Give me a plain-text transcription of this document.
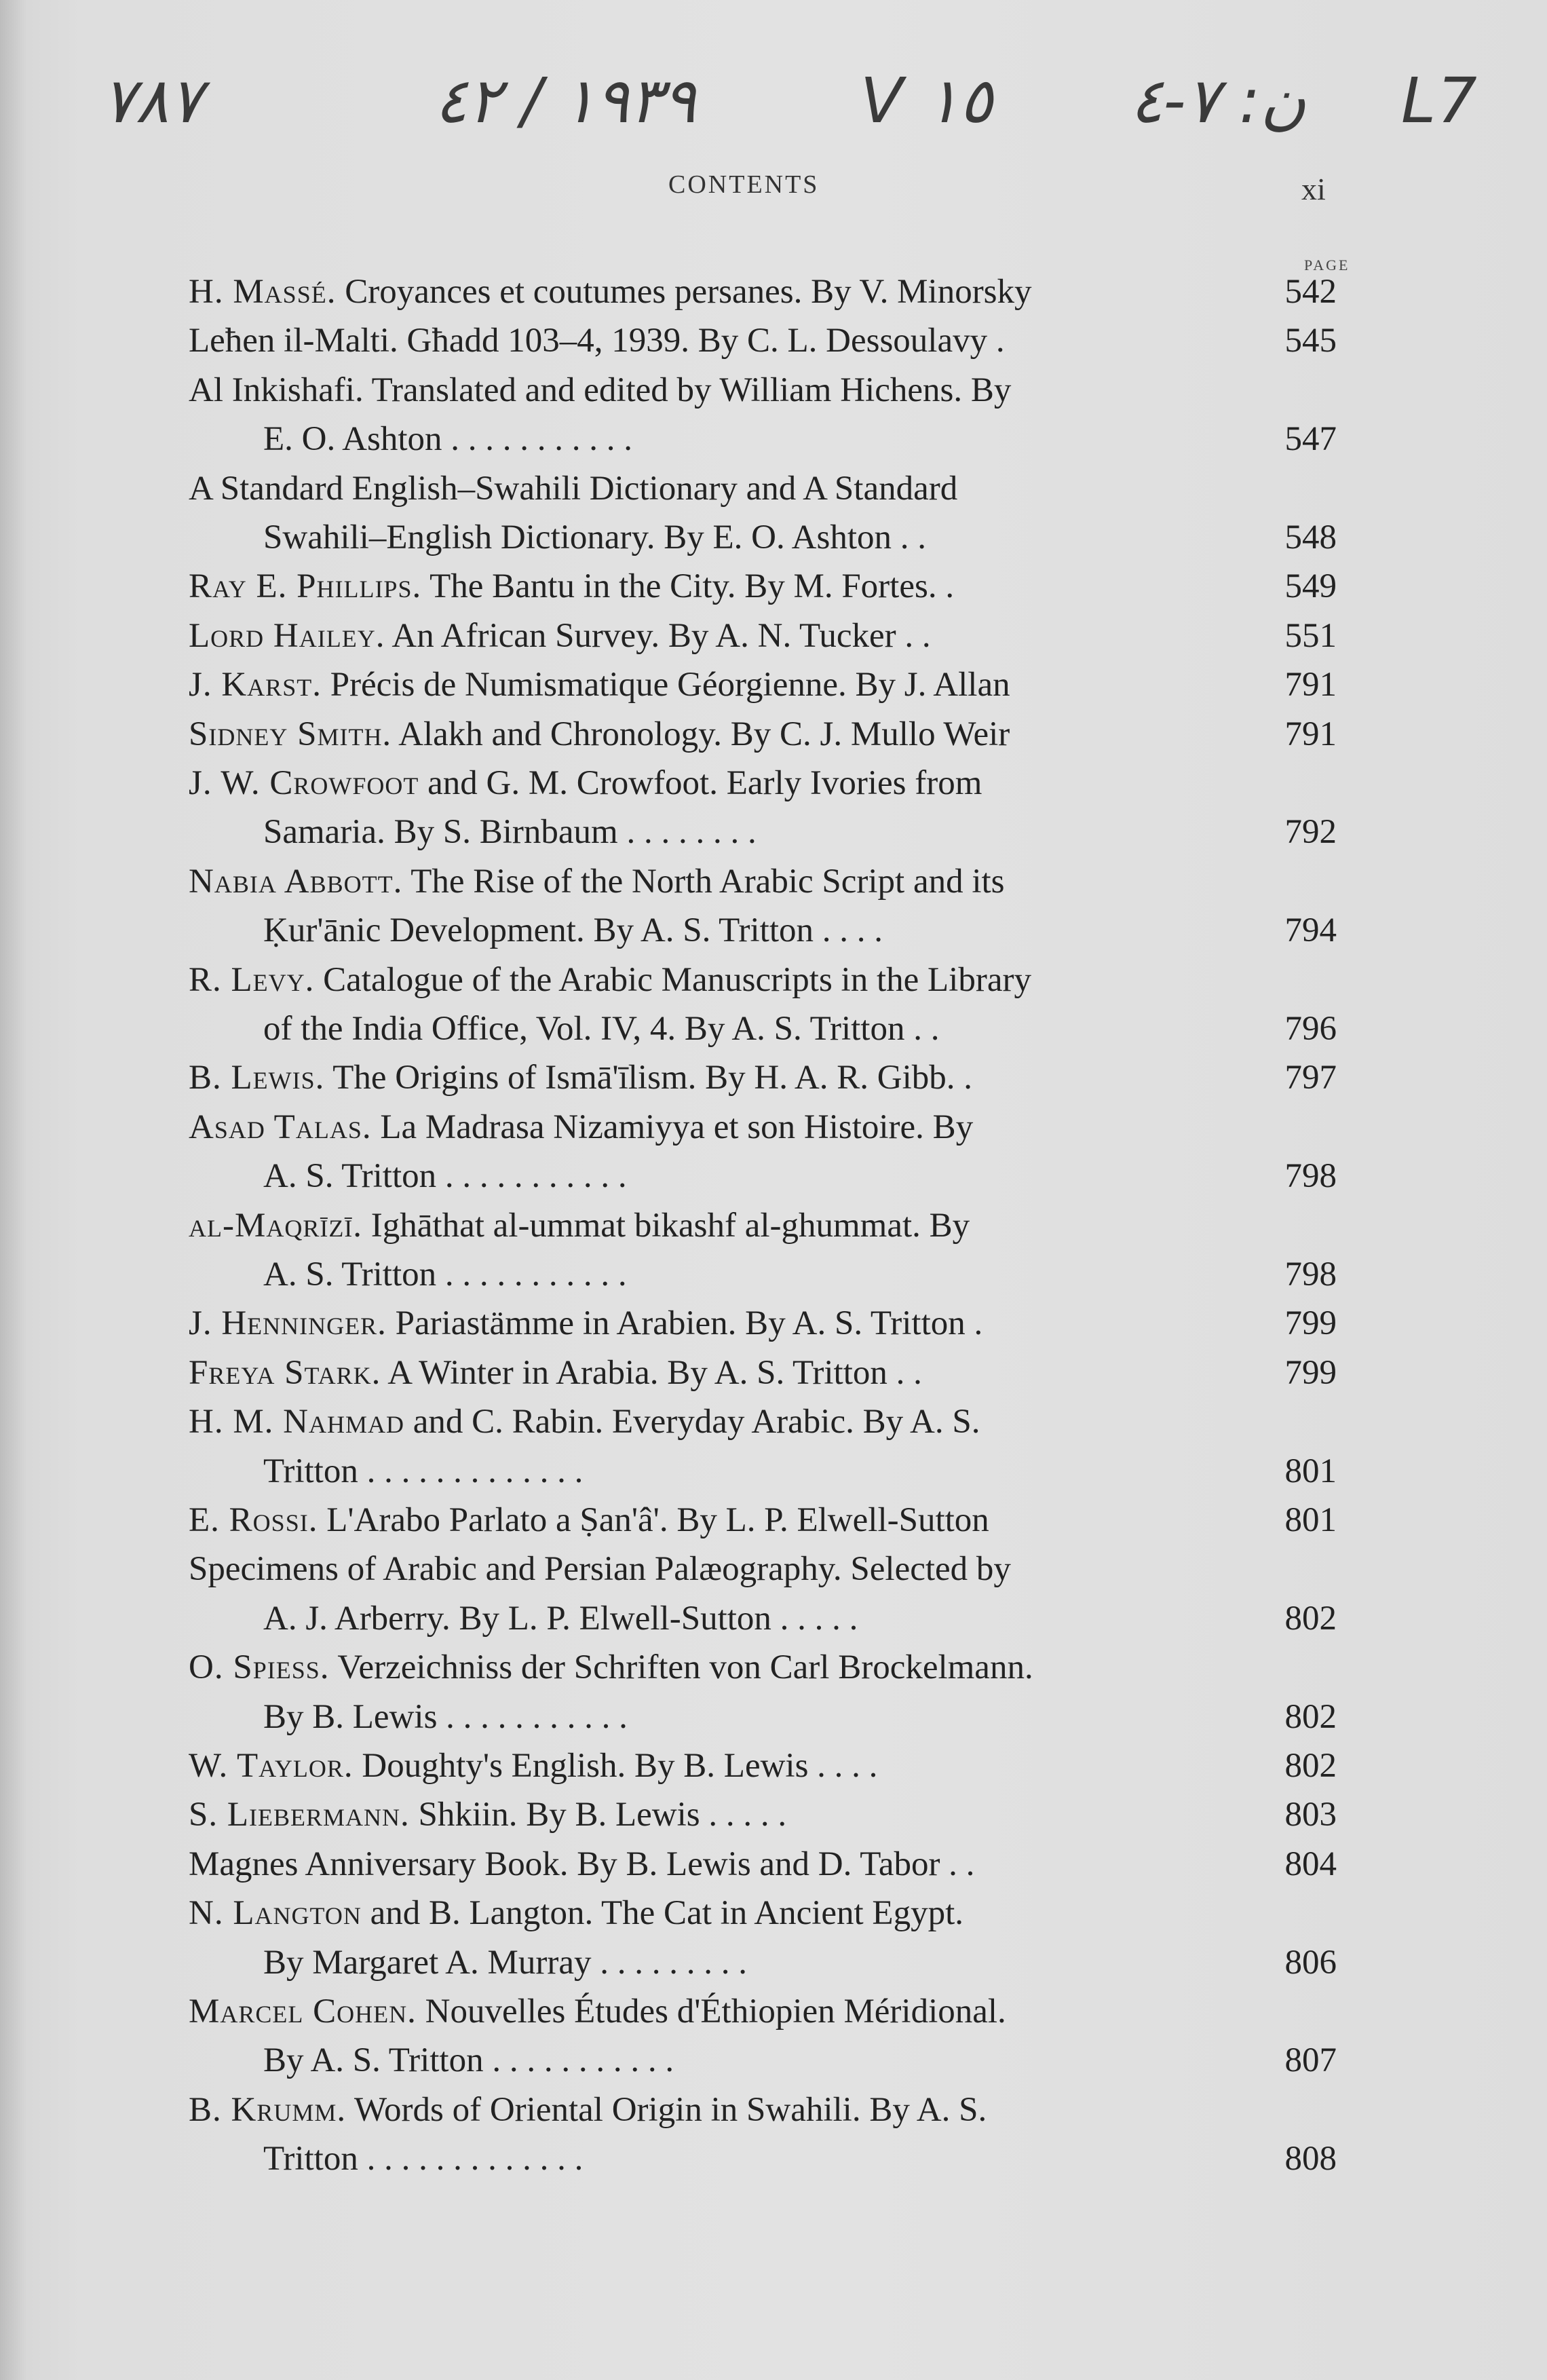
٧٨٧	١٩٣٩ / ٤٢	V ١٥ ن: ٧-٤ L7
CONTENTS	xi
PAGE
H. Massé. Croyances et coutumes persanes. By V. Minorsky	542
Leħen il-Malti. Għadd 103–4, 1939. By C. L. Dessoulavy .	545
Al Inkishafi. Translated and edited by William Hichens. By
E. O. Ashton . . . . . . . . . . .	547
A Standard English–Swahili Dictionary and A Standard
Swahili–English Dictionary. By E. O. Ashton . .	548
Ray E. Phillips. The Bantu in the City. By M. Fortes. .	549
Lord Hailey. An African Survey. By A. N. Tucker . .	551
J. Karst. Précis de Numismatique Géorgienne. By J. Allan	791
Sidney Smith. Alakh and Chronology. By C. J. Mullo Weir	791
J. W. Crowfoot and G. M. Crowfoot. Early Ivories from
Samaria. By S. Birnbaum . . . . . . . .	792
Nabia Abbott. The Rise of the North Arabic Script and its
Ḳur'ānic Development. By A. S. Tritton . . . .	794
R. Levy. Catalogue of the Arabic Manuscripts in the Library
of the India Office, Vol. IV, 4. By A. S. Tritton . .	796
B. Lewis. The Origins of Ismā'īlism. By H. A. R. Gibb. .	797
Asad Talas. La Madrasa Nizamiyya et son Histoire. By
A. S. Tritton . . . . . . . . . . .	798
al-Maqrīzī. Ighāthat al-ummat bikashf al-ghummat. By
A. S. Tritton . . . . . . . . . . .	798
J. Henninger. Pariastämme in Arabien. By A. S. Tritton .	799
Freya Stark. A Winter in Arabia. By A. S. Tritton . .	799
H. M. Nahmad and C. Rabin. Everyday Arabic. By A. S.
Tritton . . . . . . . . . . . . .	801
E. Rossi. L'Arabo Parlato a Ṣan'â'. By L. P. Elwell-Sutton	801
Specimens of Arabic and Persian Palæography. Selected by
A. J. Arberry. By L. P. Elwell-Sutton . . . . .	802
O. Spiess. Verzeichniss der Schriften von Carl Brockelmann.
By B. Lewis . . . . . . . . . . .	802
W. Taylor. Doughty's English. By B. Lewis . . . .	802
S. Liebermann. Shkiin. By B. Lewis . . . . .	803
Magnes Anniversary Book. By B. Lewis and D. Tabor . .	804
N. Langton and B. Langton. The Cat in Ancient Egypt.
By Margaret A. Murray . . . . . . . . .	806
Marcel Cohen. Nouvelles Études d'Éthiopien Méridional.
By A. S. Tritton . . . . . . . . . . .	807
B. Krumm. Words of Oriental Origin in Swahili. By A. S.
Tritton . . . . . . . . . . . . .	808
